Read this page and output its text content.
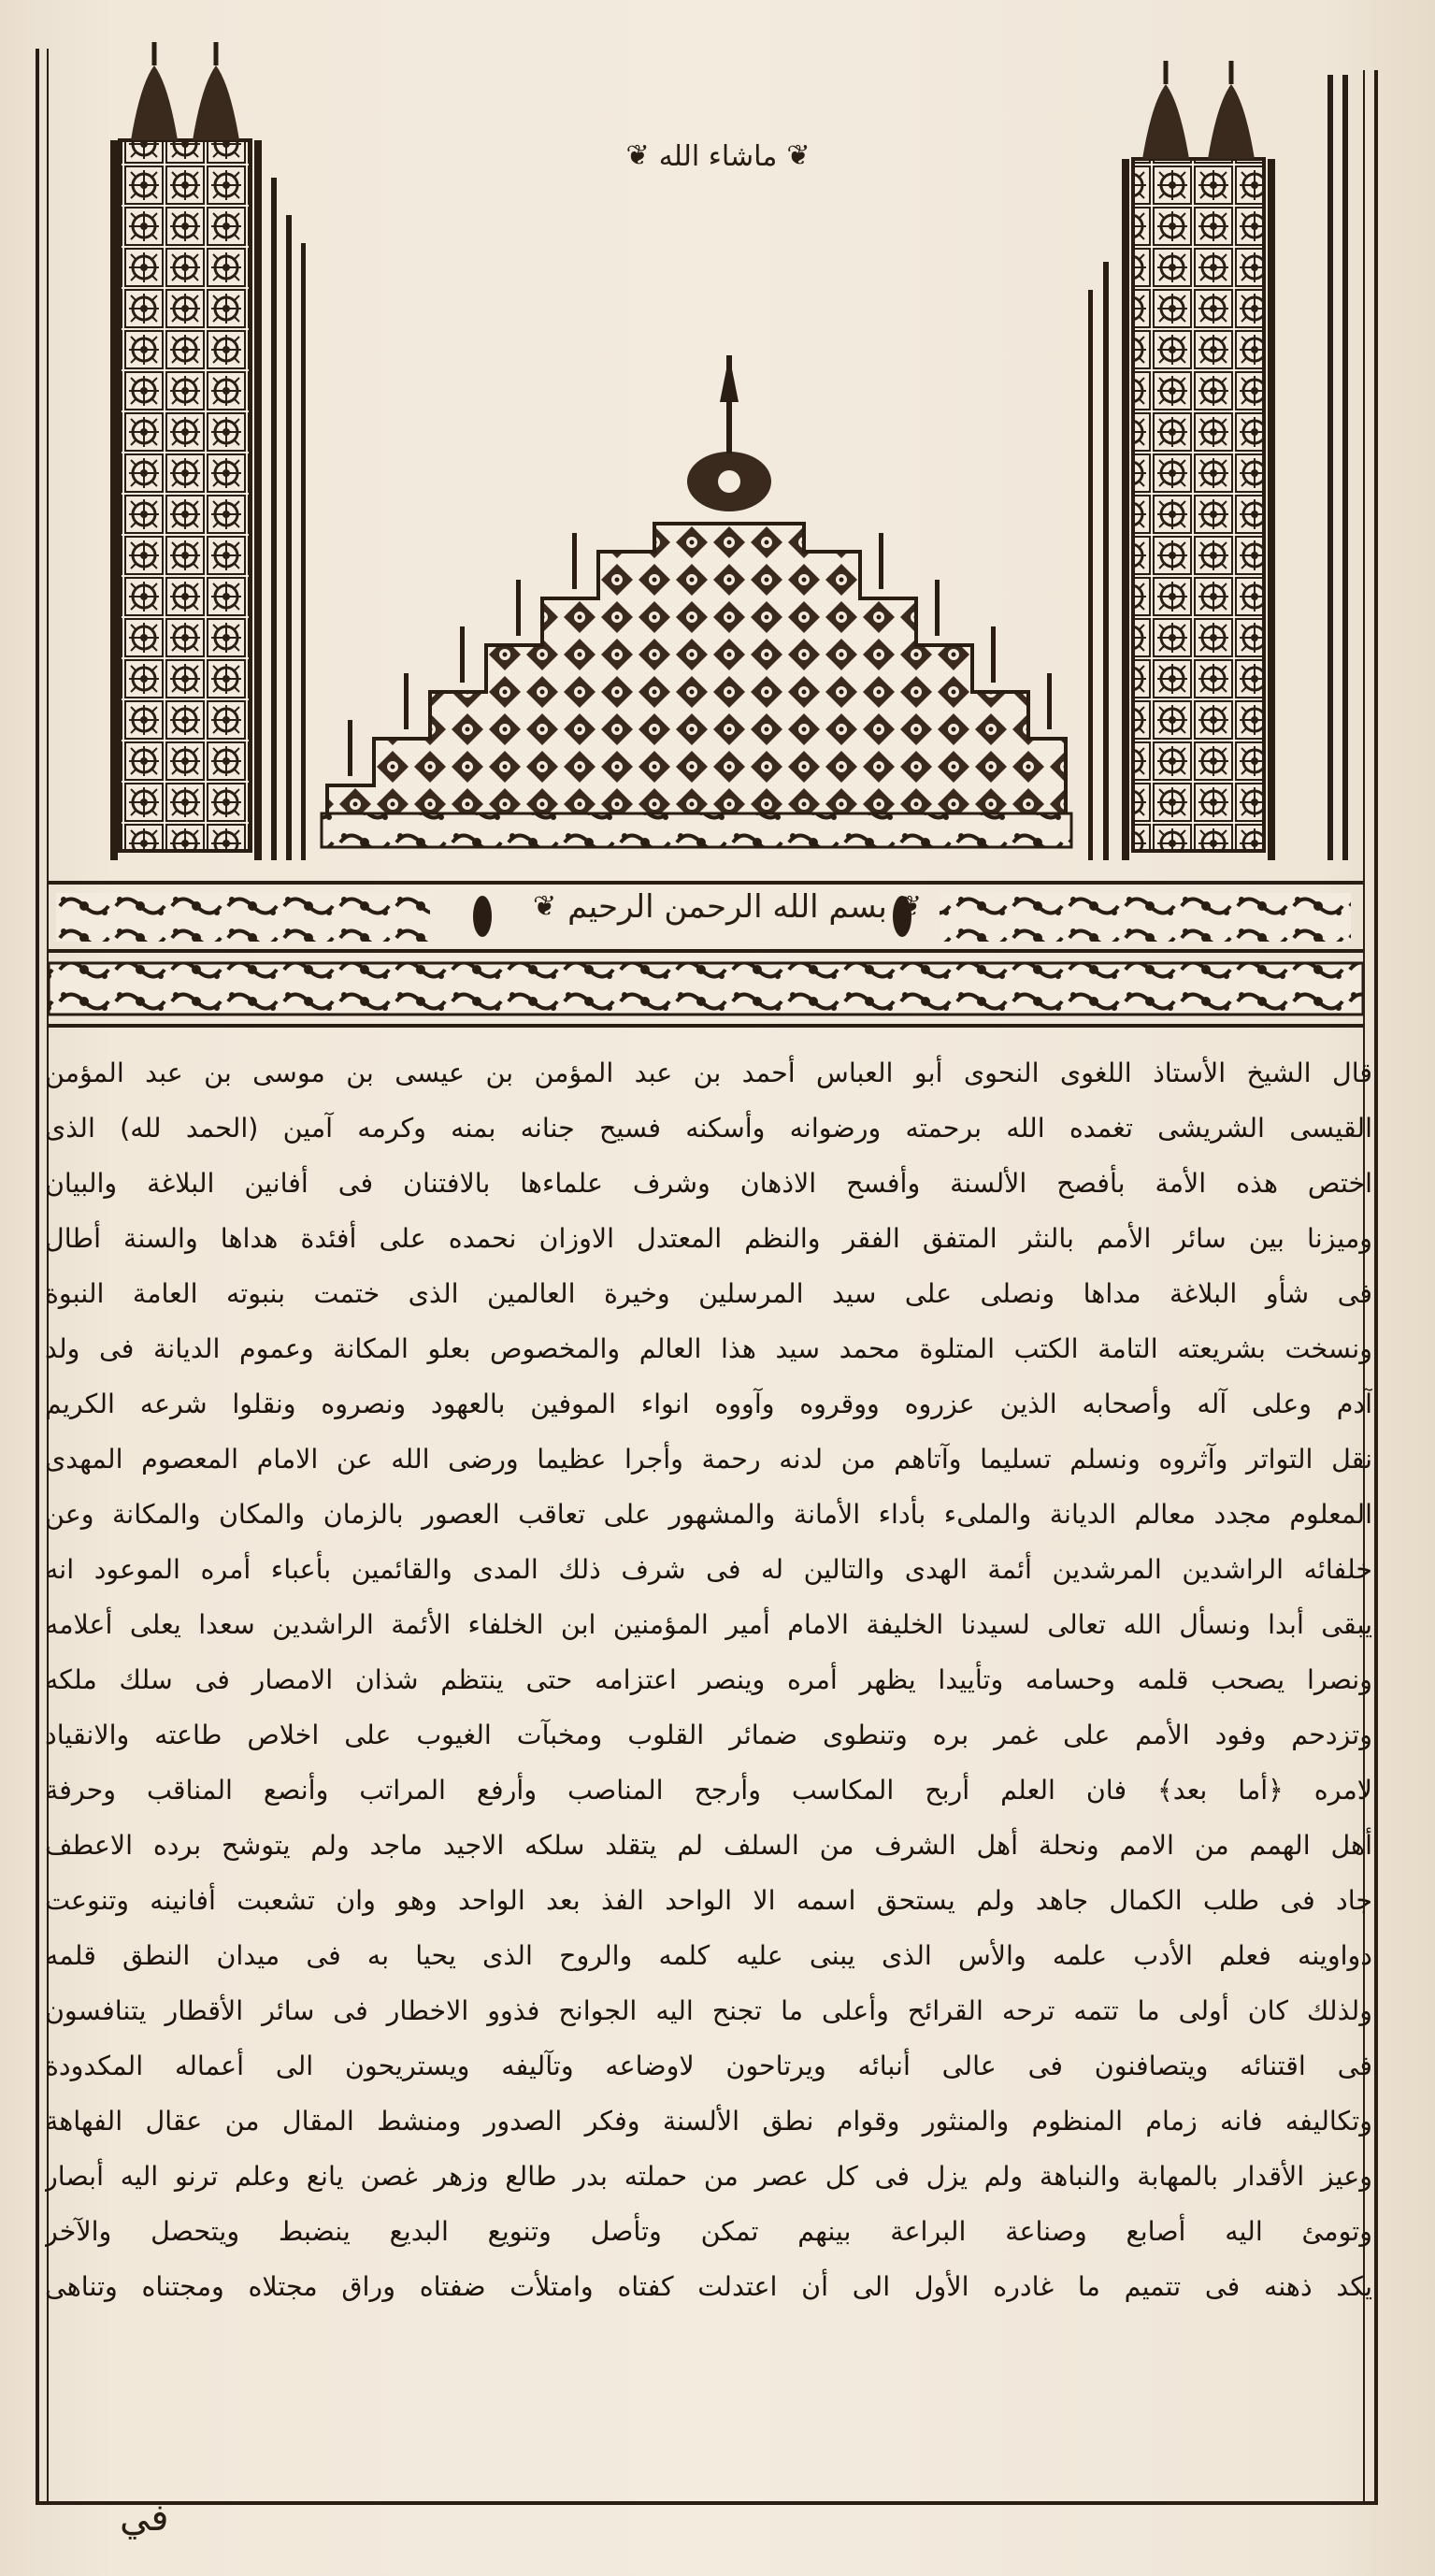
❦ ماشاء الله ❦
❦ بسم الله الرحمن الرحيم ❦
قال الشيخ الأستاذ اللغوى النحوى أبو العباس أحمد بن عبد المؤمن بن عيسى بن موسى بن عبد المؤمن
القيسى الشريشى تغمده الله برحمته ورضوانه وأسكنه فسيح جنانه بمنه وكرمه آمين (الحمد لله) الذى
اختص هذه الأمة بأفصح الألسنة وأفسح الاذهان وشرف علماءها بالافتنان فى أفانين البلاغة والبيان
وميزنا بين سائر الأمم بالنثر المتفق الفقر والنظم المعتدل الاوزان نحمده على أفئدة هداها والسنة أطال
فى شأو البلاغة مداها ونصلى على سيد المرسلين وخيرة العالمين الذى ختمت بنبوته العامة النبوة
ونسخت بشريعته التامة الكتب المتلوة محمد سيد هذا العالم والمخصوص بعلو المكانة وعموم الديانة فى ولد
آدم وعلى آله وأصحابه الذين عزروه ووقروه وآووه انواء الموفين بالعهود ونصروه ونقلوا شرعه الكريم
نقل التواتر وآثروه ونسلم تسليما وآتاهم من لدنه رحمة وأجرا عظيما ورضى الله عن الامام المعصوم المهدى
المعلوم مجدد معالم الديانة والملىء بأداء الأمانة والمشهور على تعاقب العصور بالزمان والمكان والمكانة وعن
خلفائه الراشدين المرشدين أئمة الهدى والتالين له فى شرف ذلك المدى والقائمين بأعباء أمره الموعود انه
يبقى أبدا ونسأل الله تعالى لسيدنا الخليفة الامام أمير المؤمنين ابن الخلفاء الأئمة الراشدين سعدا يعلى أعلامه
ونصرا يصحب قلمه وحسامه وتأييدا يظهر أمره وينصر اعتزامه حتى ينتظم شذان الامصار فى سلك ملكه
وتزدحم وفود الأمم على غمر بره وتنطوى ضمائر القلوب ومخبآت الغيوب على اخلاص طاعته والانقياد
لامره ﴿أما بعد﴾ فان العلم أربح المكاسب وأرجح المناصب وأرفع المراتب وأنصع المناقب وحرفة
أهل الهمم من الامم ونحلة أهل الشرف من السلف لم يتقلد سلكه الاجيد ماجد ولم يتوشح برده الاعطف
جاد فى طلب الكمال جاهد ولم يستحق اسمه الا الواحد الفذ بعد الواحد وهو وان تشعبت أفانينه وتنوعت
دواوينه فعلم الأدب علمه والأس الذى يبنى عليه كلمه والروح الذى يحيا به فى ميدان النطق قلمه
ولذلك كان أولى ما تتمه ترحه القرائح وأعلى ما تجنح اليه الجوانح فذوو الاخطار فى سائر الأقطار يتنافسون
فى اقتنائه ويتصافنون فى عالى أنبائه ويرتاحون لاوضاعه وتآليفه ويستريحون الى أعماله المكدودة
وتكاليفه فانه زمام المنظوم والمنثور وقوام نطق الألسنة وفكر الصدور ومنشط المقال من عقال الفهاهة
وعيز الأقدار بالمهابة والنباهة ولم يزل فى كل عصر من حملته بدر طالع وزهر غصن يانع وعلم ترنو اليه أبصار
وتومئ اليه أصابع وصناعة البراعة بينهم تمكن وتأصل وتنويع البديع ينضبط ويتحصل والآخر
يكد ذهنه فى تتميم ما غادره الأول الى أن اعتدلت كفتاه وامتلأت ضفتاه وراق مجتلاه ومجتناه وتناهى
في
